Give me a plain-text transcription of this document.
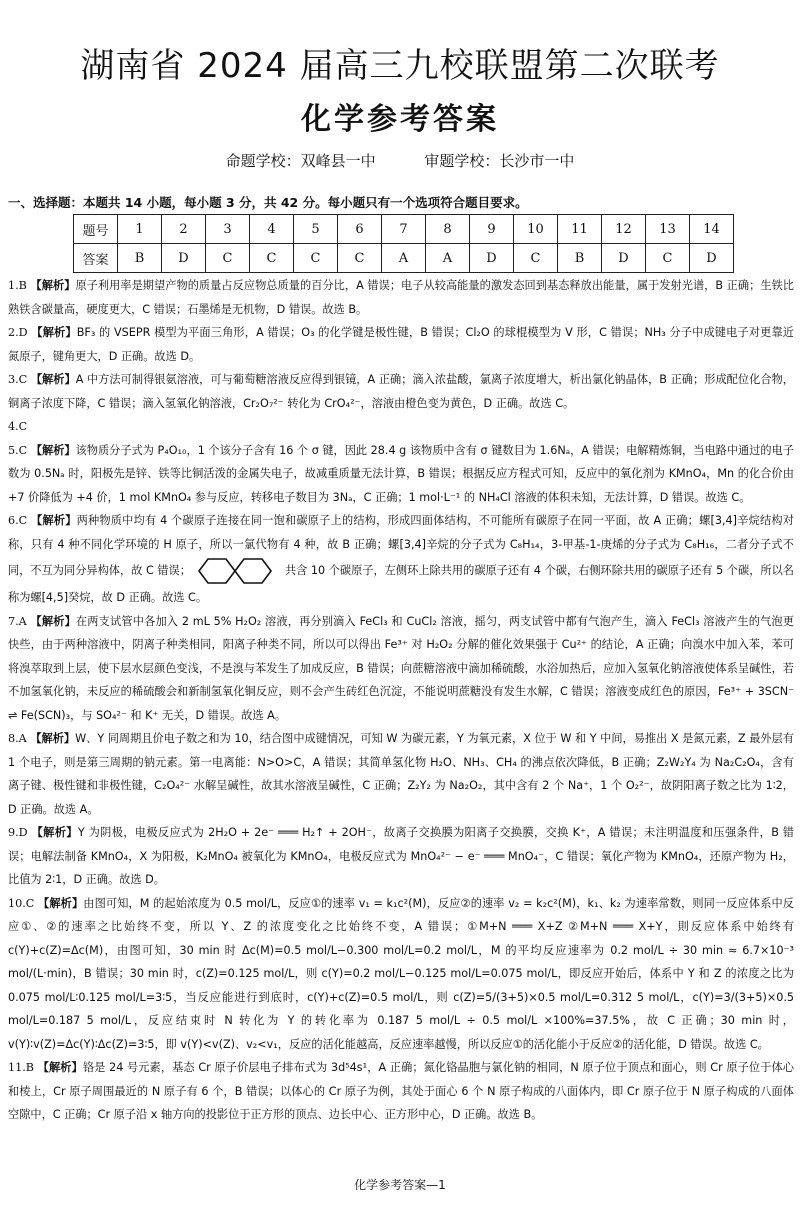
湖南省 2024 届高三九校联盟第二次联考
化学参考答案
命题学校：双峰县一中	审题学校：长沙市一中
一、选择题：本题共 14 小题，每小题 3 分，共 42 分。每小题只有一个选项符合题目要求。
题号	1	2	3	4	5	6	7	8	9	10	11	12	13	14
答案	B	D	C	C	C	C	A	A	D	C	B	D	C	D

1.B 【解析】原子利用率是期望产物的质量占反应物总质量的百分比，A 错误；电子从较高能量的激发态回到基态释放出能量，属于发射光谱，B 正确；生铁比熟铁含碳量高，硬度更大，C 错误；石墨烯是无机物，D 错误。故选 B。

2.D 【解析】BF₃ 的 VSEPR 模型为平面三角形，A 错误；O₃ 的化学键是极性键，B 错误；Cl₂O 的球棍模型为 V 形，C 错误；NH₃ 分子中成键电子对更靠近氮原子，键角更大，D 正确。故选 D。

3.C 【解析】A 中方法可制得银氨溶液，可与葡萄糖溶液反应得到银镜，A 正确；滴入浓盐酸，氯离子浓度增大，析出氯化钠晶体，B 正确；形成配位化合物，铜离子浓度下降，C 错误；滴入氢氧化钠溶液，Cr₂O₇²⁻ 转化为 CrO₄²⁻，溶液由橙色变为黄色，D 正确。故选 C。

4.C

5.C 【解析】该物质分子式为 P₄O₁₀，1 个该分子含有 16 个 σ 键，因此 28.4 g 该物质中含有 σ 键数目为 1.6Nₐ，A 错误；电解精炼铜，当电路中通过的电子数为 0.5Nₐ 时，阳极先是锌、铁等比铜活泼的金属失电子，故减重质量无法计算，B 错误；根据反应方程式可知，反应中的氧化剂为 KMnO₄，Mn 的化合价由 +7 价降低为 +4 价，1 mol KMnO₄ 参与反应，转移电子数目为 3Nₐ，C 正确；1 mol·L⁻¹ 的 NH₄Cl 溶液的体积未知，无法计算，D 错误。故选 C。

6.C 【解析】两种物质中均有 4 个碳原子连接在同一饱和碳原子上的结构，形成四面体结构，不可能所有碳原子在同一平面，故 A 正确；螺[3,4]辛烷结构对称，只有 4 种不同化学环境的 H 原子，所以一氯代物有 4 种，故 B 正确；螺[3,4]辛烷的分子式为 C₈H₁₄，3-甲基-1-庚烯的分子式为 C₈H₁₆，二者分子式不同，不互为同分异构体，故 C 错误；	共含 10 个碳原子，左侧环上除共用的碳原子还有 4 个碳，右侧环除共用的碳原子还有 5 个碳，所以名称为螺[4,5]癸烷，故 D 正确。故选 C。

7.A 【解析】在两支试管中各加入 2 mL 5% H₂O₂ 溶液，再分别滴入 FeCl₃ 和 CuCl₂ 溶液，摇匀，两支试管中都有气泡产生，滴入 FeCl₃ 溶液产生的气泡更快些，由于两种溶液中，阴离子种类相同，阳离子种类不同，所以可以得出 Fe³⁺ 对 H₂O₂ 分解的催化效果强于 Cu²⁺ 的结论，A 正确；向溴水中加入苯，苯可将溴萃取到上层，使下层水层颜色变浅，不是溴与苯发生了加成反应，B 错误；向蔗糖溶液中滴加稀硫酸，水浴加热后，应加入氢氧化钠溶液使体系呈碱性，若不加氢氧化钠，未反应的稀硫酸会和新制氢氧化铜反应，则不会产生砖红色沉淀，不能说明蔗糖没有发生水解，C 错误；溶液变成红色的原因，Fe³⁺ + 3SCN⁻ ⇌ Fe(SCN)₃，与 SO₄²⁻ 和 K⁺ 无关，D 错误。故选 A。

8.A 【解析】W、Y 同周期且价电子数之和为 10，结合图中成键情况，可知 W 为碳元素，Y 为氧元素，X 位于 W 和 Y 中间，易推出 X 是氮元素，Z 最外层有 1 个电子，则是第三周期的钠元素。第一电离能：N>O>C，A 错误；其简单氢化物 H₂O、NH₃、CH₄ 的沸点依次降低，B 正确；Z₂W₂Y₄ 为 Na₂C₂O₄，含有离子键、极性键和非极性键，C₂O₄²⁻ 水解呈碱性，故其水溶液呈碱性，C 正确；Z₂Y₂ 为 Na₂O₂，其中含有 2 个 Na⁺，1 个 O₂²⁻，故阴阳离子数之比为 1∶2，D 正确。故选 A。

9.D 【解析】Y 为阴极，电极反应式为 2H₂O + 2e⁻ ═══ H₂↑ + 2OH⁻，故离子交换膜为阳离子交换膜，交换 K⁺，A 错误；未注明温度和压强条件，B 错误；电解法制备 KMnO₄，X 为阳极，K₂MnO₄ 被氧化为 KMnO₄，电极反应式为 MnO₄²⁻ − e⁻ ═══ MnO₄⁻，C 错误；氧化产物为 KMnO₄，还原产物为 H₂，比值为 2∶1，D 正确。故选 D。

10.C 【解析】由图可知，M 的起始浓度为 0.5 mol/L，反应①的速率 v₁ = k₁c²(M)，反应②的速率 v₂ = k₂c²(M)，k₁、k₂ 为速率常数，则同一反应体系中反应①、②的速率之比始终不变，所以 Y、Z 的浓度变化之比始终不变，A 错误；①M+N ═══ X+Z ②M+N ═══ X+Y，則反应体系中始终有 c(Y)+c(Z)=Δc(M)，由图可知，30 min 时 Δc(M)=0.5 mol/L−0.300 mol/L=0.2 mol/L，M 的平均反应速率为 0.2 mol/L ÷ 30 min ≈ 6.7×10⁻³ mol/(L·min)，B 错误；30 min 时，c(Z)=0.125 mol/L，则 c(Y)=0.2 mol/L−0.125 mol/L=0.075 mol/L，即反应开始后，体系中 Y 和 Z 的浓度之比为 0.075 mol/L∶0.125 mol/L=3∶5，当反应能进行到底时，c(Y)+c(Z)=0.5 mol/L，则 c(Z)=5/(3+5)×0.5 mol/L=0.312 5 mol/L，c(Y)=3/(3+5)×0.5 mol/L=0.187 5 mol/L，反应结束时 N 转化为 Y 的转化率为 0.187 5 mol/L ÷ 0.5 mol/L ×100%=37.5%，故 C 正确；30 min 时，v(Y)∶v(Z)=Δc(Y)∶Δc(Z)=3∶5，即 v(Y)<v(Z)、v₂<v₁，反应的活化能越高，反应速率越慢，所以反应①的活化能小于反应②的活化能，D 错误。故选 C。

11.B 【解析】铬是 24 号元素，基态 Cr 原子价层电子排布式为 3d⁵4s¹，A 正确；氮化铬晶胞与氯化钠的相同，N 原子位于顶点和面心，则 Cr 原子位于体心和棱上，Cr 原子周围最近的 N 原子有 6 个，B 错误；以体心的 Cr 原子为例，其处于面心 6 个 N 原子构成的八面体内，即 Cr 原子位于 N 原子构成的八面体空隙中，C 正确；Cr 原子沿 x 轴方向的投影位于正方形的顶点、边长中心、正方形中心，D 正确。故选 B。

化学参考答案—1
